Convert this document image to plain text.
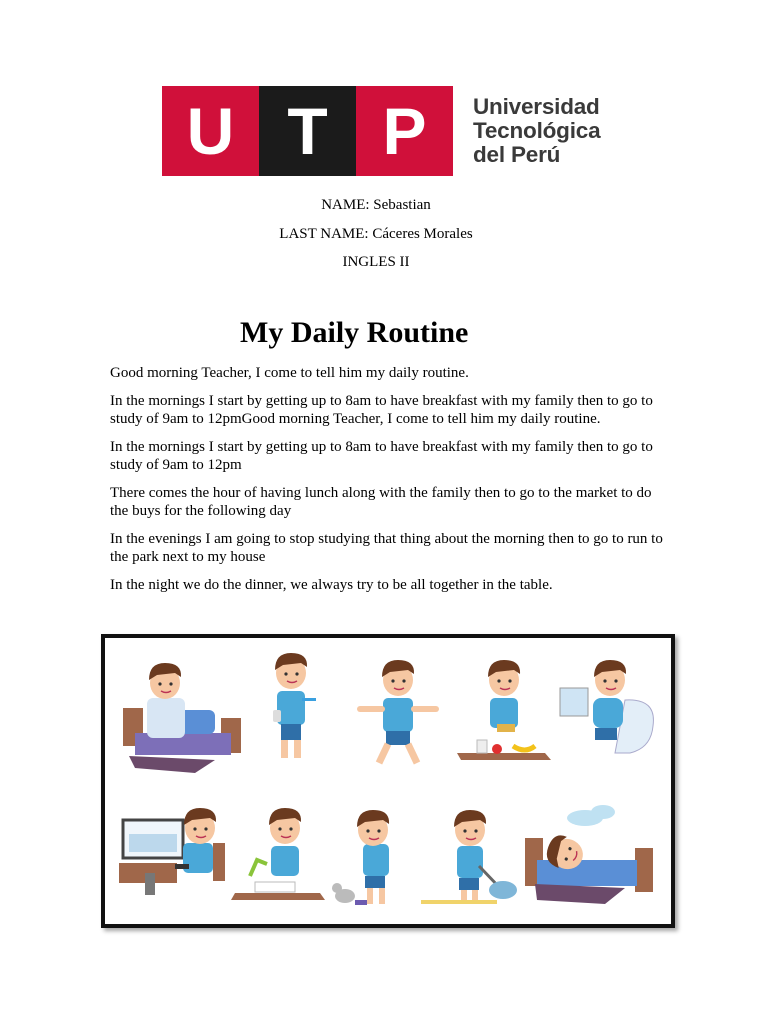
U T P Universidad
Tecnológica
del Perú
NAME: Sebastian
LAST NAME: Cáceres Morales
INGLES II
My Daily Routine

Good morning Teacher, I come to tell him my daily routine.

In the mornings I start by getting up to 8am to have breakfast with my family then to go to study of 9am to 12pmGood morning Teacher, I come to tell him my daily routine.

In the mornings I start by getting up to 8am to have breakfast with my family then to go to study of 9am to 12pm

There comes the hour of having lunch along with the family then to go to the market to do the buys for the following day

In the evenings I am going to stop studying that thing about the morning then to go to run to the park next to my house

In the night we do the dinner, we always try to be all together in the table.
